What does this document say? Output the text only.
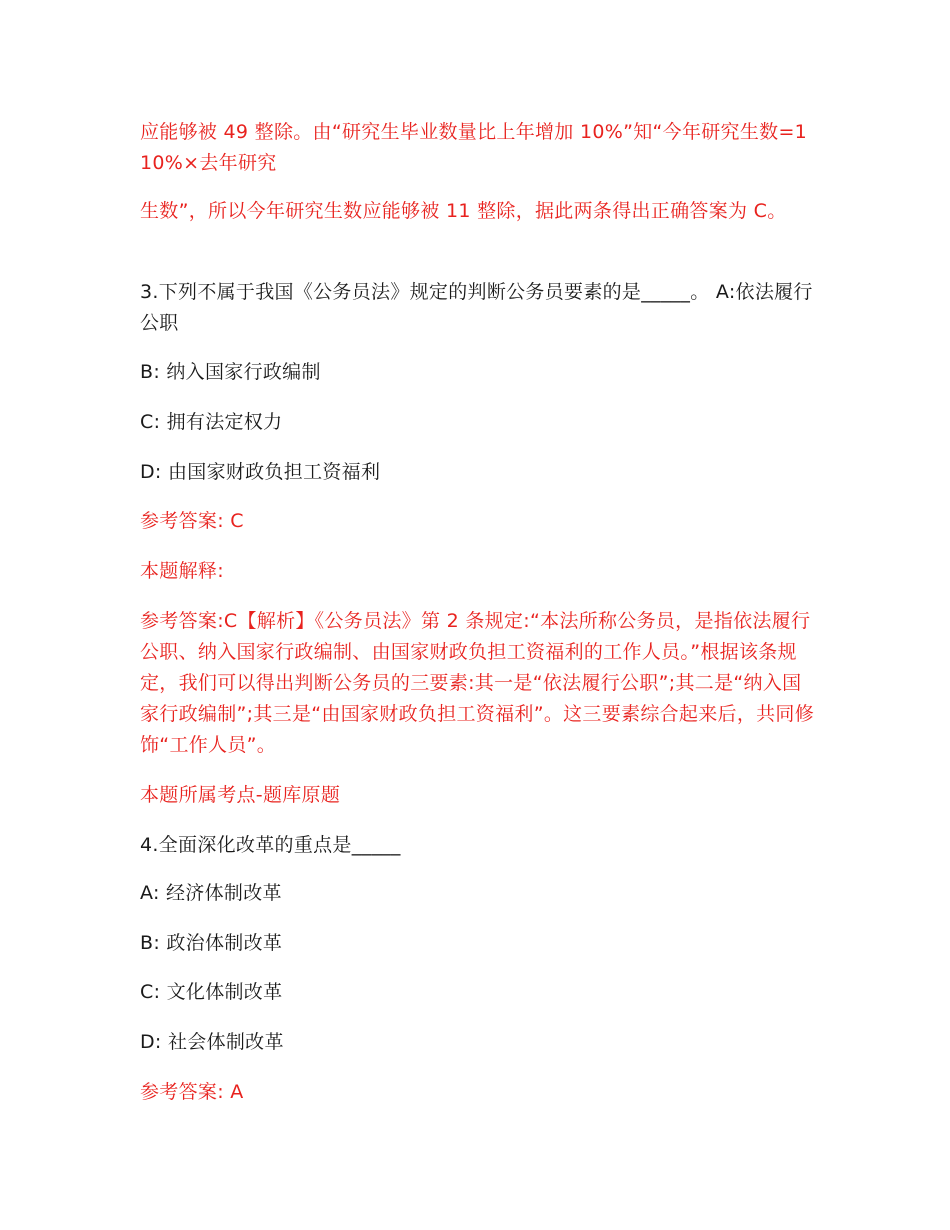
应能够被 49 整除。由“研究生毕业数量比上年增加 10%”知“今年研究生数=110%×去年研究

生数”，所以今年研究生数应能够被 11 整除，据此两条得出正确答案为 C。

3.下列不属于我国《公务员法》规定的判断公务员要素的是_____。 A:依法履行公职

B: 纳入国家行政编制

C: 拥有法定权力

D: 由国家财政负担工资福利

参考答案: C

本题解释:

参考答案:C【解析】《公务员法》第 2 条规定:“本法所称公务员，是指依法履行公职、纳入国家行政编制、由国家财政负担工资福利的工作人员。”根据该条规定，我们可以得出判断公务员的三要素:其一是“依法履行公职”;其二是“纳入国家行政编制”;其三是“由国家财政负担工资福利”。这三要素综合起来后，共同修饰“工作人员”。

本题所属考点-题库原题

4.全面深化改革的重点是_____

A: 经济体制改革

B: 政治体制改革

C: 文化体制改革

D: 社会体制改革

参考答案: A
